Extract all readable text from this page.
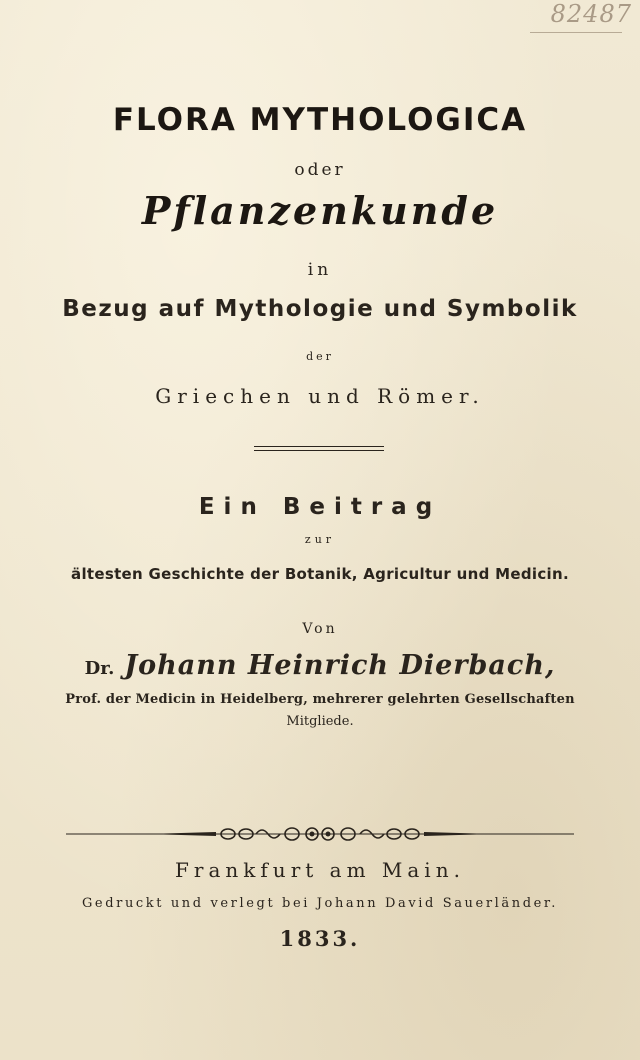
82487
FLORA MYTHOLOGICA
oder
Pflanzenkunde
in
Bezug auf Mythologie und Symbolik
der
Griechen und Römer.
Ein Beitrag
zur
ältesten Geschichte der Botanik, Agricultur und Medicin.
Von
Dr. Johann Heinrich Dierbach,
Prof. der Medicin in Heidelberg, mehrerer gelehrten Gesellschaften
Mitgliede.
Frankfurt am Main.
Gedruckt und verlegt bei Johann David Sauerländer.
1833.
